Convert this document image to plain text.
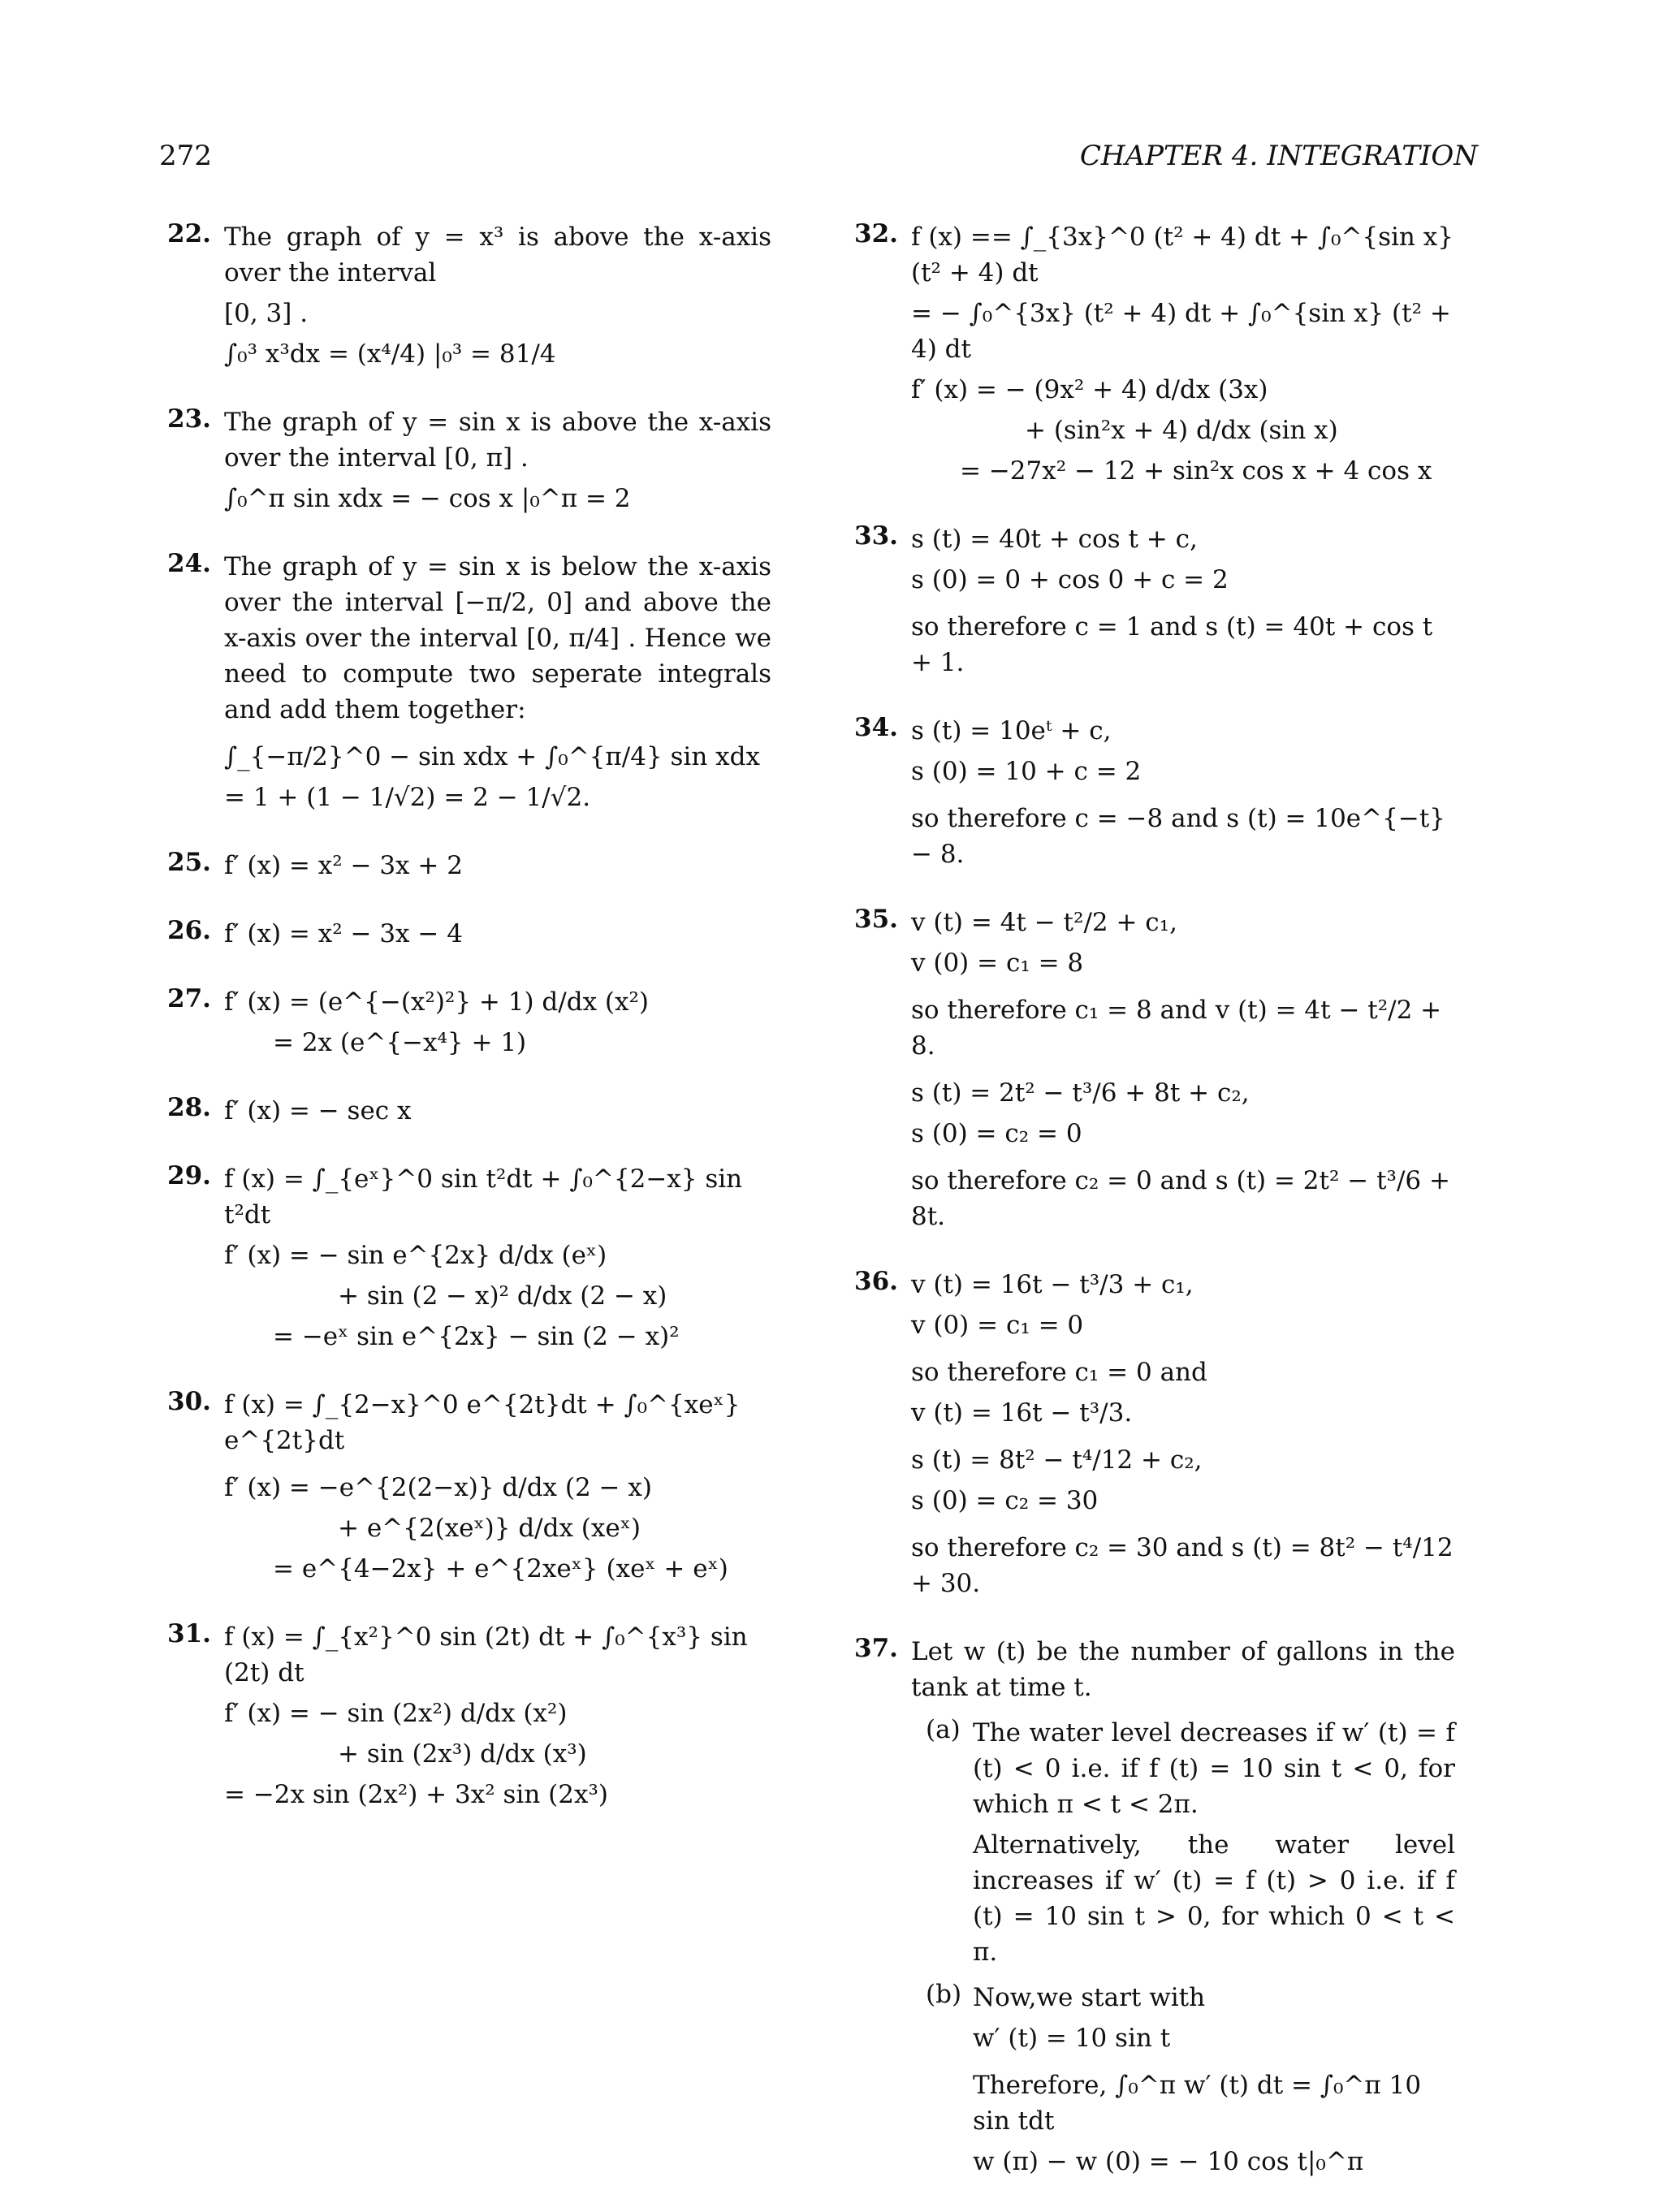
272	CHAPTER 4. INTEGRATION
22. The graph of y = x³ is above the x-axis over the interval
[0, 3] .
∫₀³ x³dx = (x⁴/4) |₀³ = 81/4
23. The graph of y = sin x is above the x-axis over the interval [0, π] .
∫₀^π sin xdx = − cos x |₀^π = 2
24. The graph of y = sin x is below the x-axis over the interval [−π/2, 0] and above the x-axis over the interval [0, π/4] . Hence we need to compute two seperate integrals and add them together:
∫_{−π/2}^0 − sin xdx + ∫₀^{π/4} sin xdx
= 1 + (1 − 1/√2) = 2 − 1/√2.
25. f′ (x) = x² − 3x + 2
26. f′ (x) = x² − 3x − 4
27. f′ (x) = (e^{−(x²)²} + 1) d/dx (x²)
= 2x (e^{−x⁴} + 1)
28. f′ (x) = − sec x
29. f (x) = ∫_{eˣ}^0 sin t²dt + ∫₀^{2−x} sin t²dt
f′ (x) = − sin e^{2x} d/dx (eˣ)
+ sin (2 − x)² d/dx (2 − x)
= −eˣ sin e^{2x} − sin (2 − x)²
30. f (x) = ∫_{2−x}^0 e^{2t}dt + ∫₀^{xeˣ} e^{2t}dt
f′ (x) = −e^{2(2−x)} d/dx (2 − x)
+ e^{2(xeˣ)} d/dx (xeˣ)
= e^{4−2x} + e^{2xeˣ} (xeˣ + eˣ)
31. f (x) = ∫_{x²}^0 sin (2t) dt + ∫₀^{x³} sin (2t) dt
f′ (x) = − sin (2x²) d/dx (x²)
+ sin (2x³) d/dx (x³)
= −2x sin (2x²) + 3x² sin (2x³)
32. f (x) == ∫_{3x}^0 (t² + 4) dt + ∫₀^{sin x} (t² + 4) dt
= − ∫₀^{3x} (t² + 4) dt + ∫₀^{sin x} (t² + 4) dt
f′ (x) = − (9x² + 4) d/dx (3x)
+ (sin²x + 4) d/dx (sin x)
= −27x² − 12 + sin²x cos x + 4 cos x
33. s (t) = 40t + cos t + c,
s (0) = 0 + cos 0 + c = 2
so therefore c = 1 and s (t) = 40t + cos t + 1.
34. s (t) = 10eᵗ + c,
s (0) = 10 + c = 2
so therefore c = −8 and s (t) = 10e^{−t} − 8.
35. v (t) = 4t − t²/2 + c₁,
v (0) = c₁ = 8
so therefore c₁ = 8 and v (t) = 4t − t²/2 + 8.
s (t) = 2t² − t³/6 + 8t + c₂,
s (0) = c₂ = 0
so therefore c₂ = 0 and s (t) = 2t² − t³/6 + 8t.
36. v (t) = 16t − t³/3 + c₁,
v (0) = c₁ = 0
so therefore c₁ = 0 and
v (t) = 16t − t³/3.
s (t) = 8t² − t⁴/12 + c₂,
s (0) = c₂ = 30
so therefore c₂ = 30 and s (t) = 8t² − t⁴/12 + 30.
37. Let w (t) be the number of gallons in the tank at time t.
(a) The water level decreases if w′ (t) = f (t) < 0 i.e. if f (t) = 10 sin t < 0, for which π < t < 2π.
Alternatively, the water level increases if w′ (t) = f (t) > 0 i.e. if f (t) = 10 sin t > 0, for which 0 < t < π.
(b) Now,we start with
w′ (t) = 10 sin t
Therefore, ∫₀^π w′ (t) dt = ∫₀^π 10 sin tdt
w (π) − w (0) = − 10 cos t|₀^π
